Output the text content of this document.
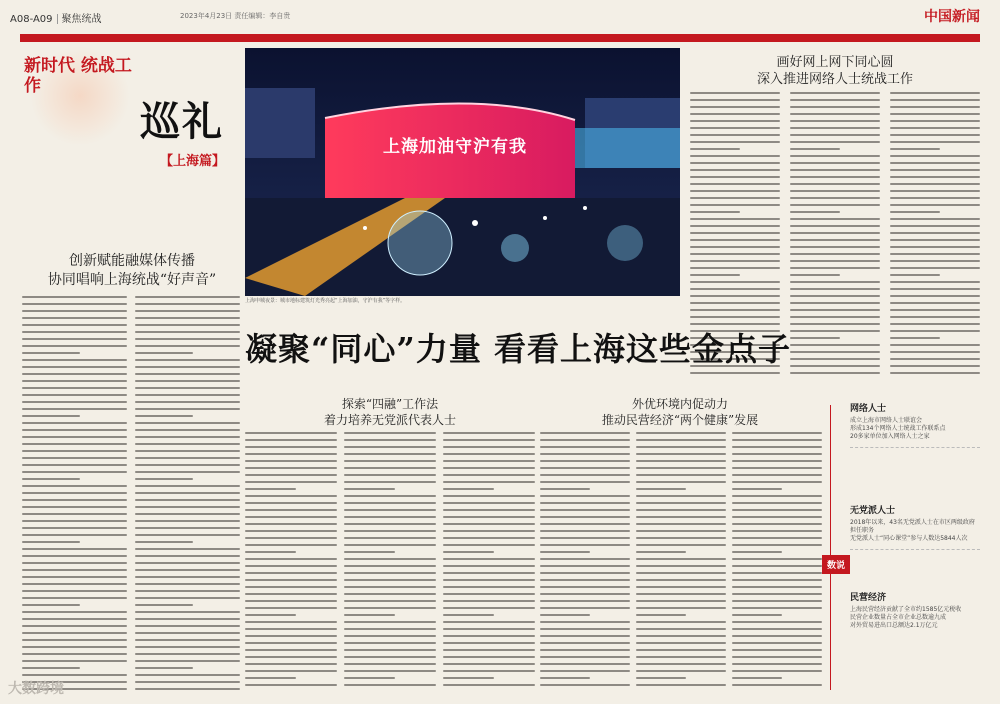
A08-A09 聚焦统战	2023年4月23日 责任编辑：李自贵	中国新闻
新时代 统战工作
巡礼
【上海篇】
创新赋能融媒体传播
协同唱响上海统战“好声音”
上海加油守沪有我
上海申城夜景：城市地标建筑灯光秀亮起“上海加油，守沪有我”等字样。
画好网上网下同心圆
深入推进网络人士统战工作
凝聚“同心”力量 看看上海这些金点子
探索“四融”工作法
着力培养无党派代表人士
外优环境内促动力
推动民营经济“两个健康”发展
数说
网络人士
成立上海市网络人士联谊会
形成134个网络人士统战工作联系点
20多家单位加入网络人士之家
无党派人士
2018年以来，43名无党派人士在市区两级政府担任职务
无党派人士“同心课堂”参与人数达5844人次
民营经济
上海民营经济贡献了全市约1585亿元税收
民营企业数量占全市企业总数逾九成
对外贸易进出口总额达2.1万亿元
大数跨境
